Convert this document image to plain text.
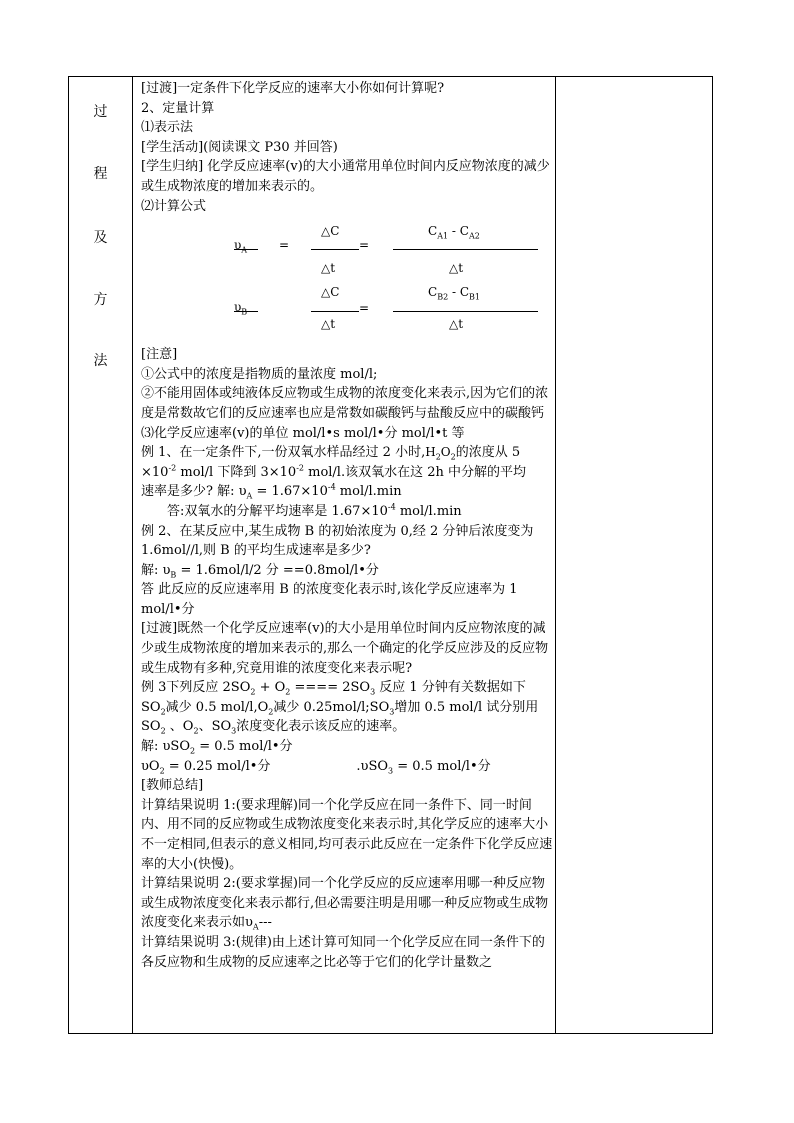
过
程
及
方
法

[过渡]一定条件下化学反应的速率大小你如何计算呢?

2、定量计算

⑴表示法

[学生活动](阅读课文 P30 并回答)

[学生归纳] 化学反应速率(v)的大小通常用单位时间内反应物浓度的减少或生成物浓度的增加来表示的。

⑵计算公式

△C	$C_{A1} - C_{A2}$
$\upsilon_A$	=	=
△t	△t
△C	$C_{B2} - C_{B1}$
$\upsilon_B$	=
△t	△t

[注意]

①公式中的浓度是指物质的量浓度 mol/l;

②不能用固体或纯液体反应物或生成物的浓度变化来表示,因为它们的浓度是常数故它们的反应速率也应是常数如碳酸钙与盐酸反应中的碳酸钙

⑶化学反应速率(v)的单位 mol/l•s mol/l•分 mol/l•t 等

例 1、在一定条件下,一份双氧水样品经过 2 小时$,H_2O_2$的浓度从 5

$\times 10^{-2}$ mol/l 下降到 $3\times 10^{-2}$ mol/l.该双氧水在这 2h 中分解的平均

速率是多少? 解: $\upsilon_A = 1.67\times 10^{-4}$ mol/l.min

答:双氧水的分解平均速率是 $1.67\times 10^{-4}$ mol/l.min

例 2、在某反应中,某生成物 B 的初始浓度为 0,经 2 分钟后浓度变为 1.6mol//l,则 B 的平均生成速率是多少?

解: $\upsilon_B = 1.6mol/l/2$ 分 ==0.8mol/l•分

答 此反应的反应速率用 B 的浓度变化表示时,该化学反应速率为 1 mol/l•分

[过渡]既然一个化学反应速率(v)的大小是用单位时间内反应物浓度的减少或生成物浓度的增加来表示的,那么一个确定的化学反应涉及的反应物或生成物有多种,究竟用谁的浓度变化来表示呢?

例 3下列反应 $2SO_2 + O_2$ ==== $2SO_3$ 反应 1 分钟有关数据如下 $SO_2$减少 0.5 mol/$l,O_2$减少 $0.25mol/l;SO_3$增加 0.5 mol/l 试分别用 $SO_2$ 、$O_2$、$SO_3$浓度变化表示该反应的速率。

解: υSO$_2$ = 0.5 mol/l•分

$\upsilon O_2 = 0.25$ mol/l•分	.υSO$_3$ = 0.5 mol/l•分

[教师总结]

计算结果说明 1:(要求理解)同一个化学反应在同一条件下、同一时间内、用不同的反应物或生成物浓度变化来表示时,其化学反应的速率大小不一定相同,但表示的意义相同,均可表示此反应在一定条件下化学反应速率的大小(快慢)。

计算结果说明 2:(要求掌握)同一个化学反应的反应速率用哪一种反应物或生成物浓度变化来表示都行,但必需要注明是用哪一种反应物或生成物浓度变化来表示如$\upsilon_A---$

计算结果说明 3:(规律)由上述计算可知同一个化学反应在同一条件下的各反应物和生成物的反应速率之比必等于它们的化学计量数之
